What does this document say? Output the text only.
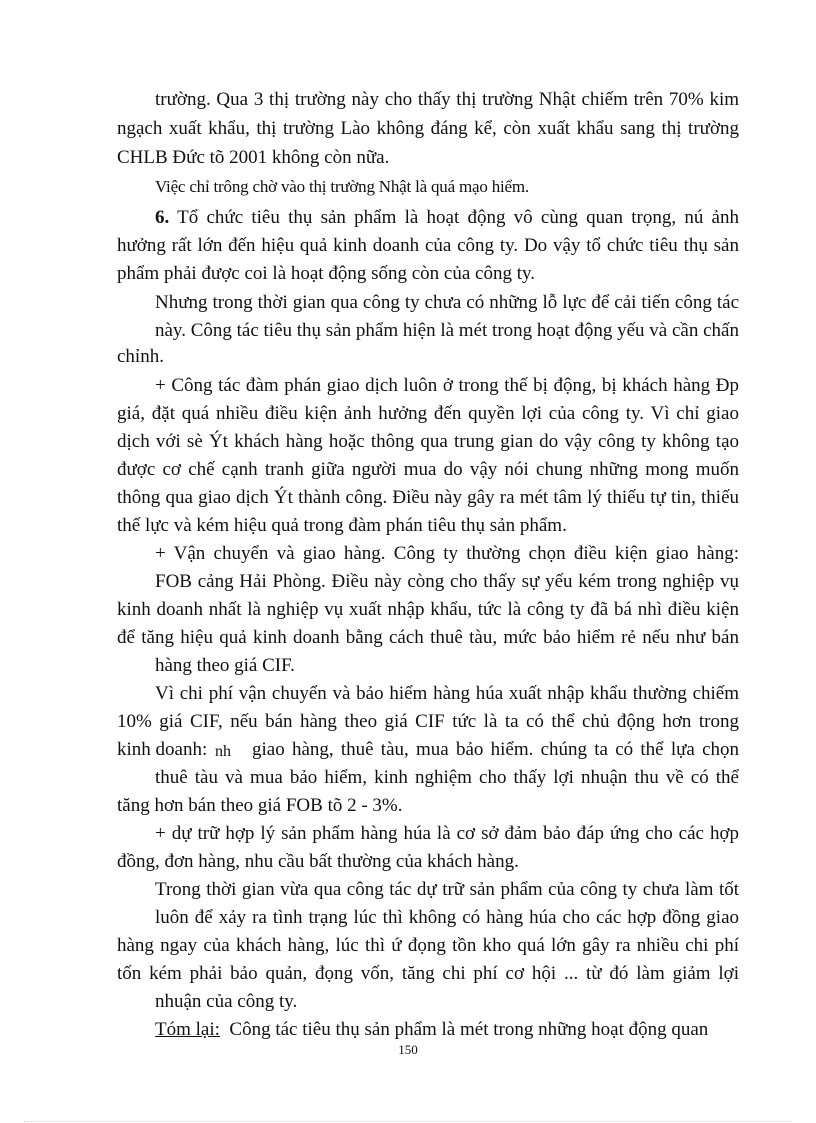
trường. Qua 3 thị trường này cho thấy thị trường Nhật chiếm trên 70% kim
ngạch xuất khẩu, thị trường Lào không đáng kể, còn xuất khẩu sang thị trường
CHLB Đức tõ 2001 không còn nữa.
Việc chỉ trông chờ vào thị trường Nhật là quá mạo hiểm.
6. Tổ chức tiêu thụ sản phẩm là hoạt động vô cùng quan trọng, nú ảnh
hưởng rất lớn đến hiệu quả kinh doanh của công ty. Do vậy tổ chức tiêu thụ sản
phẩm phải được coi là hoạt động sống còn của công ty.
Nhưng trong thời gian qua công ty chưa có những lỗ lực để cải tiến công tác
này. Công tác tiêu thụ sản phẩm hiện là mét trong hoạt động yếu và cần chấn
chỉnh.
+ Công tác đàm phán giao dịch luôn ở trong thế bị động, bị khách hàng Đp
giá, đặt quá nhiều điều kiện ảnh hưởng đến quyền lợi của công ty. Vì chỉ giao
dịch với sè Ýt khách hàng hoặc thông qua trung gian do vậy công ty không tạo
được cơ chế cạnh tranh giữa người mua do vậy nói chung những mong muốn
thông qua giao dịch Ýt thành công. Điều này gây ra mét tâm lý thiếu tự tin, thiếu
thế lực và kém hiệu quả trong đàm phán tiêu thụ sản phẩm.
+ Vận chuyển và giao hàng. Công ty thường chọn điều kiện giao hàng:
FOB cảng Hải Phòng. Điều này còng cho thấy sự yếu kém trong nghiệp vụ
kinh doanh nhất là nghiệp vụ xuất nhập khẩu, tức là công ty đã bá nhì điều kiện
để tăng hiệu quả kinh doanh bằng cách thuê tàu, mức bảo hiểm rẻ nếu như bán
hàng theo giá CIF.
Vì chi phí vận chuyển và bảo hiểm hàng húa xuất nhập khẩu thường chiếm
10% giá CIF, nếu bán hàng theo giá CIF tức là ta có thể chủ động hơn trong
kinh doanh: nh	giao hàng, thuê tàu, mua bảo hiểm. chúng ta có thể lựa chọn
thuê tàu và mua bảo hiểm, kinh nghiệm cho thấy lợi nhuận thu về có thể
tăng hơn bán theo giá FOB tõ 2 - 3%.
+ dự trữ hợp lý sản phẩm hàng húa là cơ sở đảm bảo đáp ứng cho các hợp
đồng, đơn hàng, nhu cầu bất thường của khách hàng.
Trong thời gian vừa qua công tác dự trữ sản phẩm của công ty chưa làm tốt
luôn để xảy ra tình trạng lúc thì không có hàng húa cho các hợp đồng giao
hàng ngay của khách hàng, lúc thì ứ đọng tồn kho quá lớn gây ra nhiều chi phí
tốn kém phải bảo quản, đọng vốn, tăng chi phí cơ hội ... từ đó làm giảm lợi
nhuận của công ty.
Tóm lại: Công tác tiêu thụ sản phẩm là mét trong những hoạt động quan
150
